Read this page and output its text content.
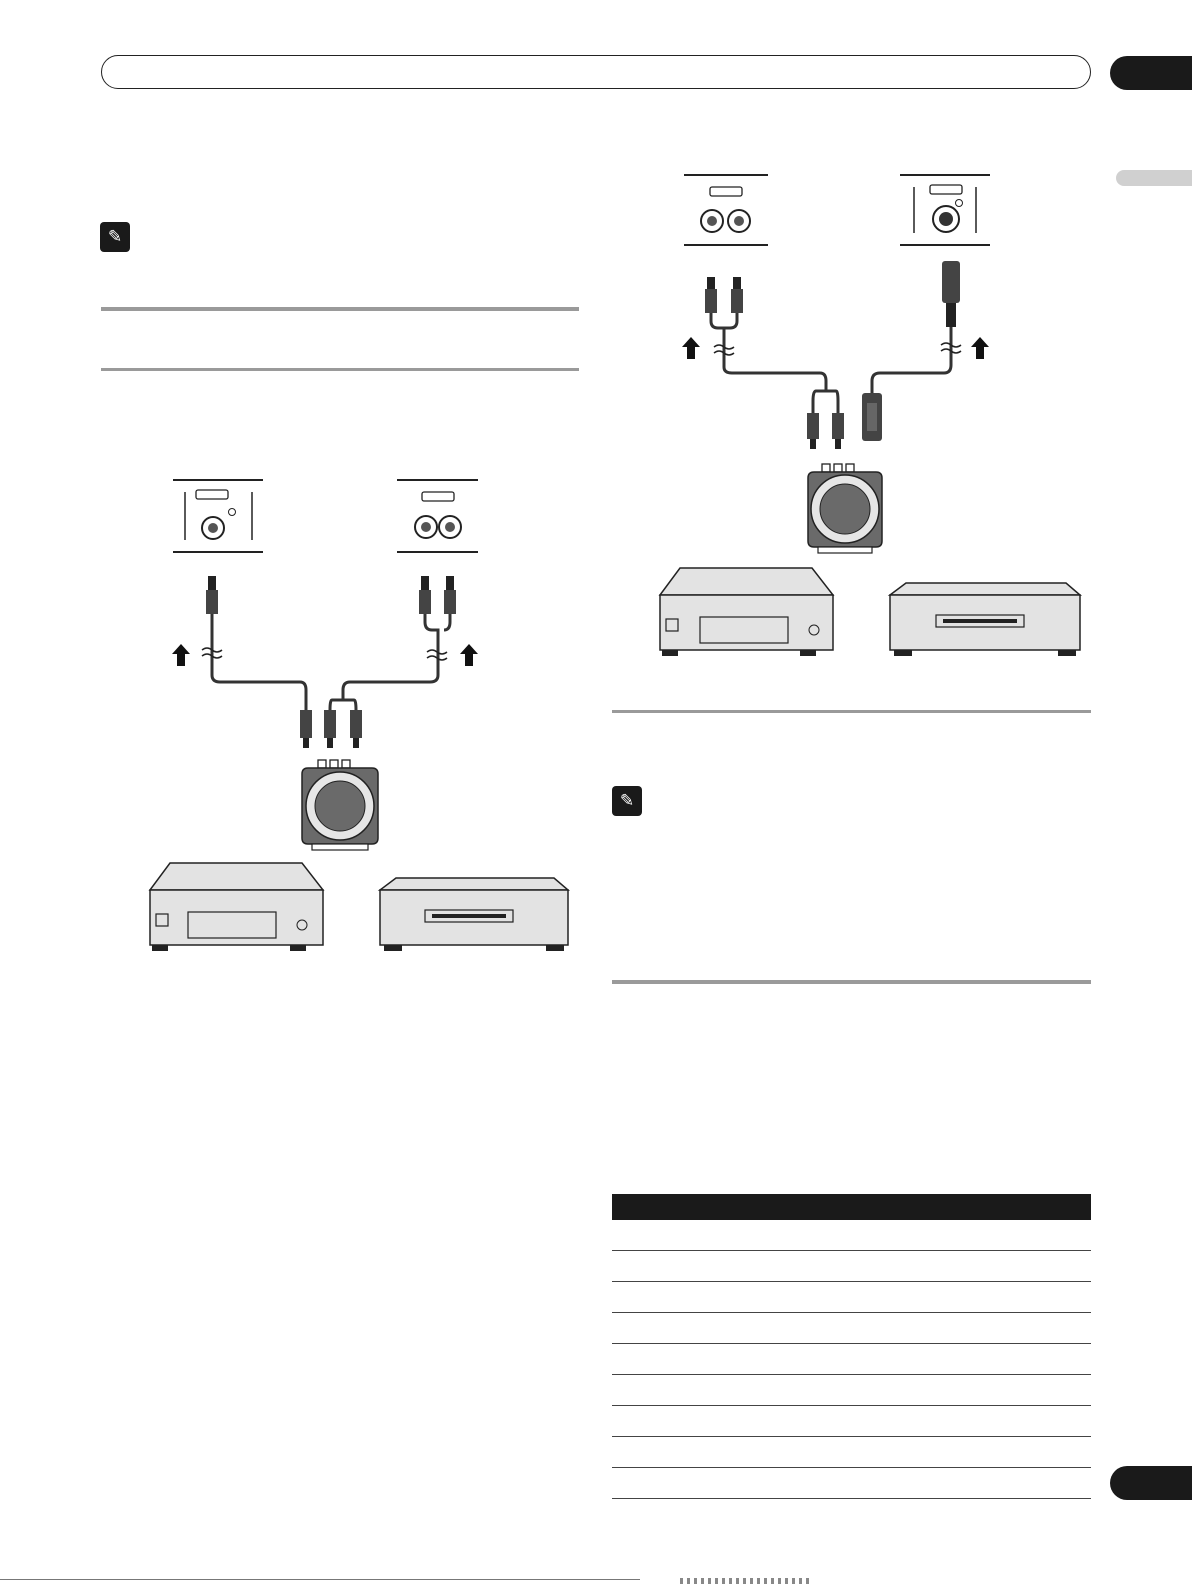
✎
✎
